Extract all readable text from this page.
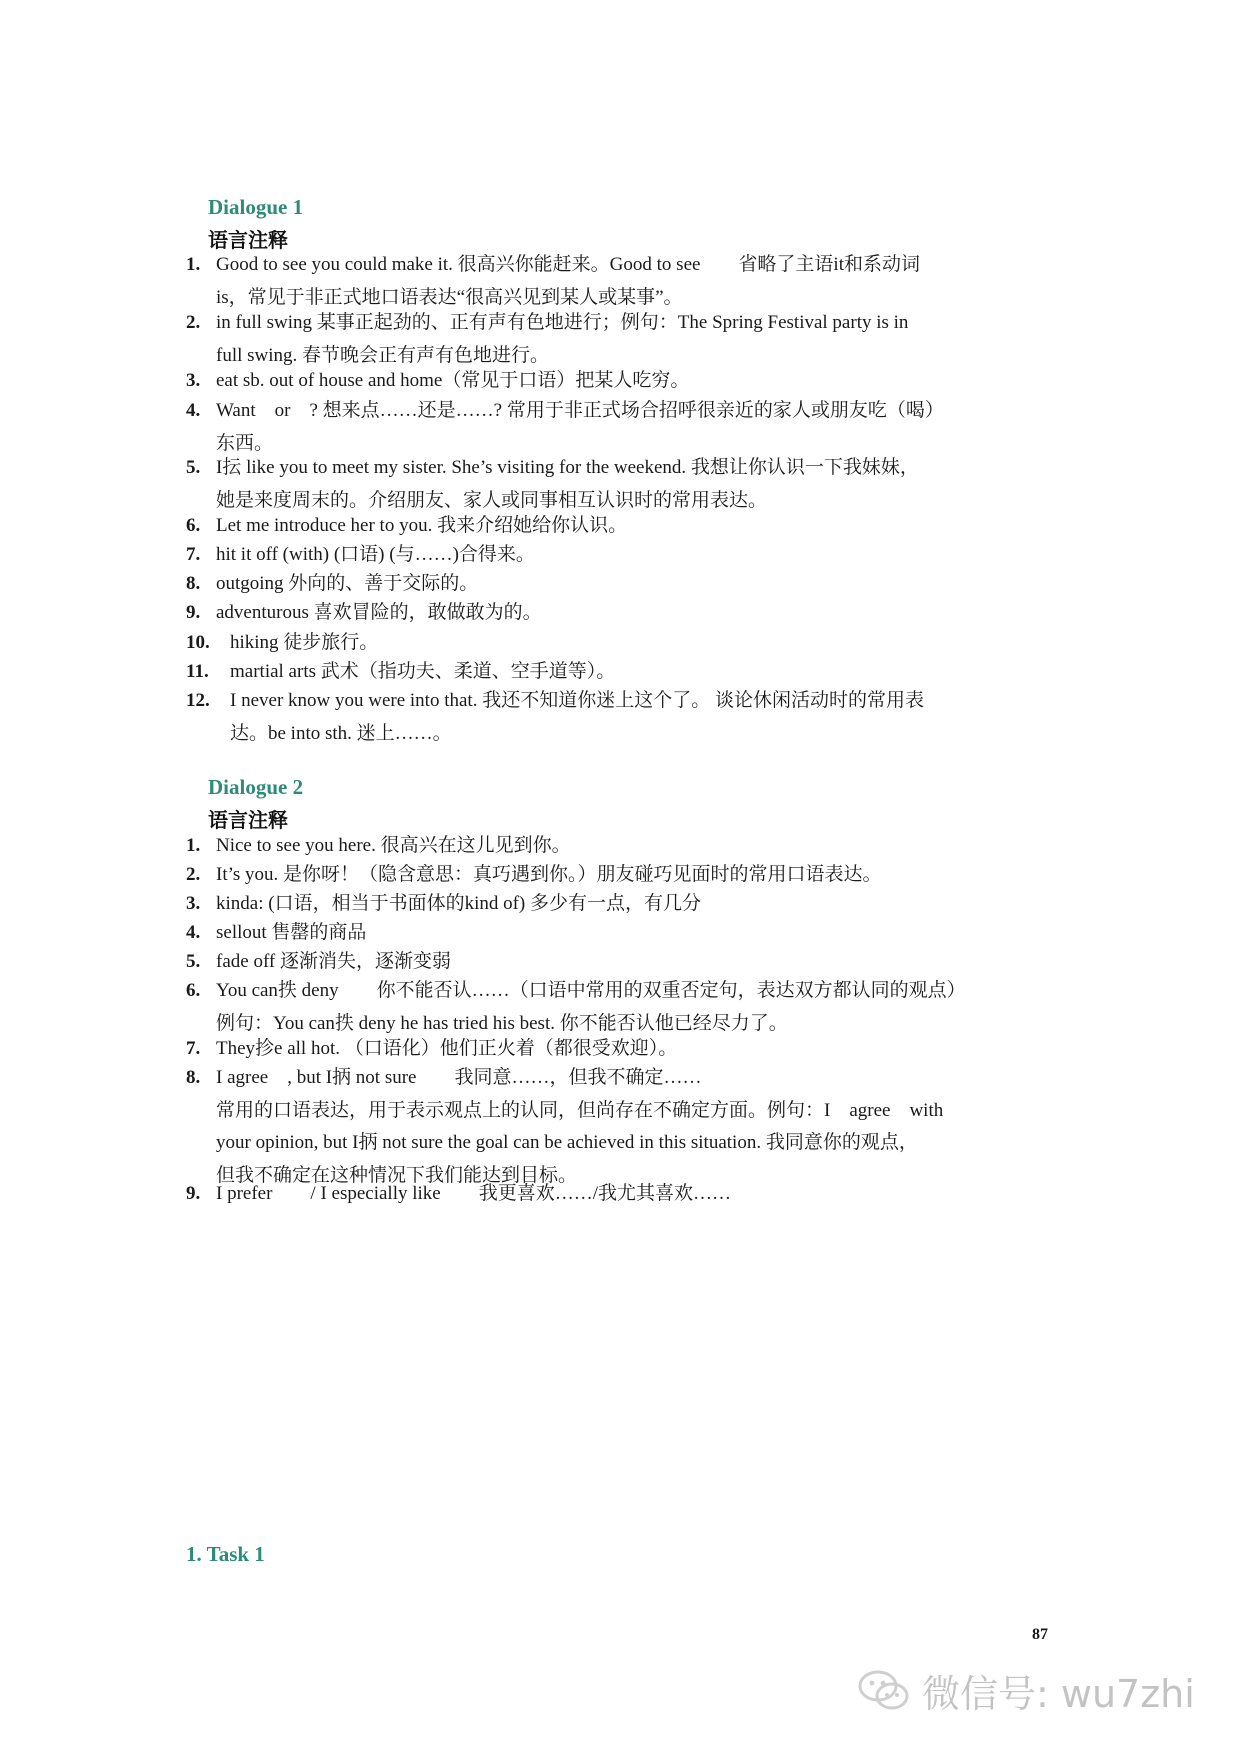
Dialogue 1
语言注释
1. Good to see you could make it. 很高兴你能赶来。Good to see　　省略了主语it和系动词
is，常见于非正式地口语表达“很高兴见到某人或某事”。
2. in full swing 某事正起劲的、正有声有色地进行；例句：The Spring Festival party is in
full swing. 春节晚会正有声有色地进行。
3. eat sb. out of house and home（常见于口语）把某人吃穷。
4. Want　or　? 想来点……还是……? 常用于非正式场合招呼很亲近的家人或朋友吃（喝）
东西。
5. I抎 like you to meet my sister. She’s visiting for the weekend. 我想让你认识一下我妹妹，
她是来度周末的。介绍朋友、家人或同事相互认识时的常用表达。
6. Let me introduce her to you. 我来介绍她给你认识。
7. hit it off (with) (口语) (与……)合得来。
8. outgoing 外向的、善于交际的。
9. adventurous 喜欢冒险的，敢做敢为的。
10. hiking 徒步旅行。
11. martial arts 武术（指功夫、柔道、空手道等）。
12. I never know you were into that. 我还不知道你迷上这个了。 谈论休闲活动时的常用表
达。be into sth. 迷上……。
Dialogue 2
语言注释
1. Nice to see you here. 很高兴在这儿见到你。
2. It’s you. 是你呀！（隐含意思：真巧遇到你。）朋友碰巧见面时的常用口语表达。
3. kinda: (口语，相当于书面体的kind of) 多少有一点，有几分
4. sellout 售罄的商品
5. fade off 逐渐消失，逐渐变弱
6. You can抶 deny　　你不能否认……（口语中常用的双重否定句，表达双方都认同的观点）
例句：You can抶 deny he has tried his best. 你不能否认他已经尽力了。
7. They抮e all hot. （口语化）他们正火着（都很受欢迎）。
8. I agree　, but I抦 not sure　　我同意……，但我不确定……
常用的口语表达，用于表示观点上的认同，但尚存在不确定方面。例句：I　agree　with
your opinion, but I抦 not sure the goal can be achieved in this situation. 我同意你的观点，
但我不确定在这种情况下我们能达到目标。
9. I prefer　　/ I especially like　　我更喜欢……/我尤其喜欢……
1. Task 1
87
微信号: wu7zhi
